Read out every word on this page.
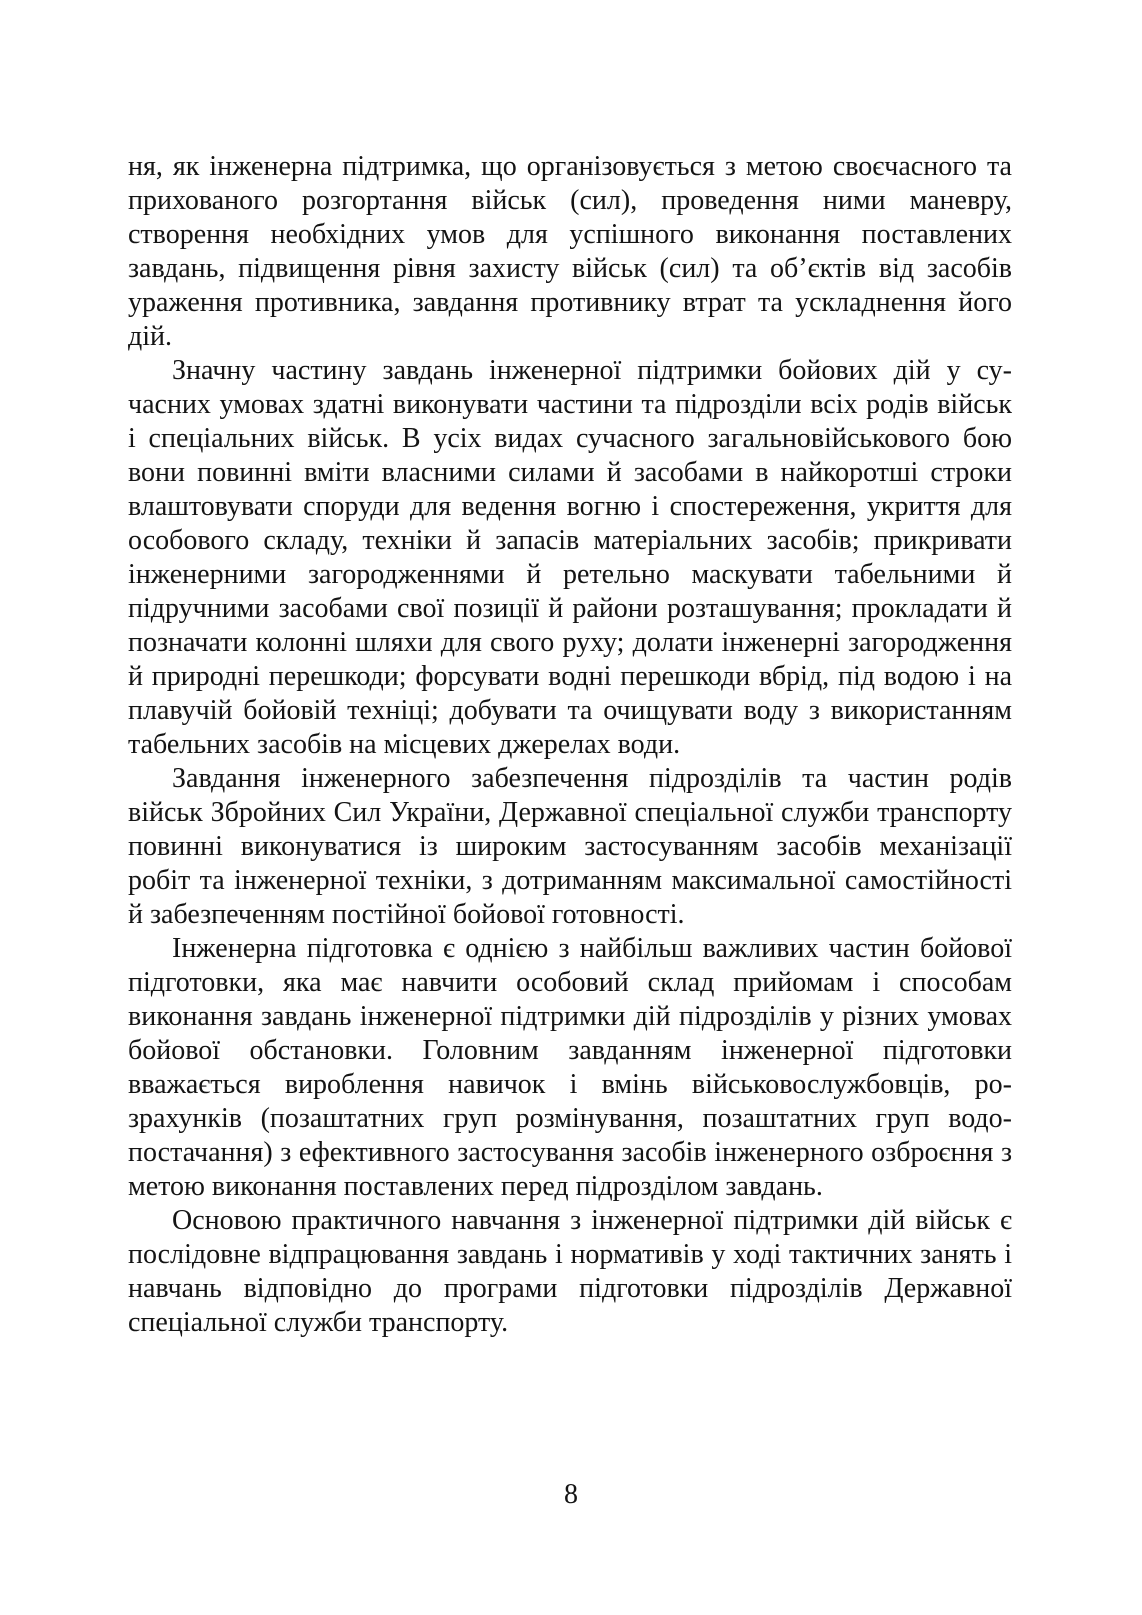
ня, як інженерна підтримка, що організовується з метою своєчасного та прихованого розгортання військ (сил), проведення ними маневру, створення необхідних умов для успішного виконання поставлених завдань, підвищення рівня захисту військ (сил) та об’єктів від засобів ураження противника, завдання противнику втрат та ускладнення його дій.

Значну частину завдань інженерної підтримки бойових дій у сучасних умовах здатні виконувати частини та підрозділи всіх родів військ і спеціальних військ. В усіх видах сучасного загальновійськового бою вони повинні вміти власними силами й засобами в найкоротші строки влаштовувати споруди для ведення вогню і спостереження, укриття для особового складу, техніки й запасів матеріальних засобів; прикривати інженерними загородженнями й ретельно маскувати табельними й підручними засобами свої позиції й райони розташування; прокладати й позначати колонні шляхи для свого руху; долати інженерні загородження й природні перешкоди; форсувати водні перешкоди вбрід, під водою і на плавучій бойовій техніці; добувати та очищувати воду з використанням табельних засобів на місцевих джерелах води.

Завдання інженерного забезпечення підрозділів та частин родів військ Збройних Сил України, Державної спеціальної служби транспорту повинні виконуватися із широким застосуванням засобів механізації робіт та інженерної техніки, з дотриманням максимальної самостійності й забезпеченням постійної бойової готовності.

Інженерна підготовка є однією з найбільш важливих частин бойової підготовки, яка має навчити особовий склад прийомам і способам виконання завдань інженерної підтримки дій підрозділів у різних умовах бойової обстановки. Головним завданням інженерної підготовки вважається вироблення навичок і вмінь військовослужбовців, розрахунків (позаштатних груп розмінування, позаштатних груп водопостачання) з ефективного застосування засобів інженерного озброєння з метою виконання поставлених перед підрозділом завдань.

Основою практичного навчання з інженерної підтримки дій військ є послідовне відпрацювання завдань і нормативів у ході тактичних занять і навчань відповідно до програми підготовки підрозділів Державної спеціальної служби транспорту.

8
